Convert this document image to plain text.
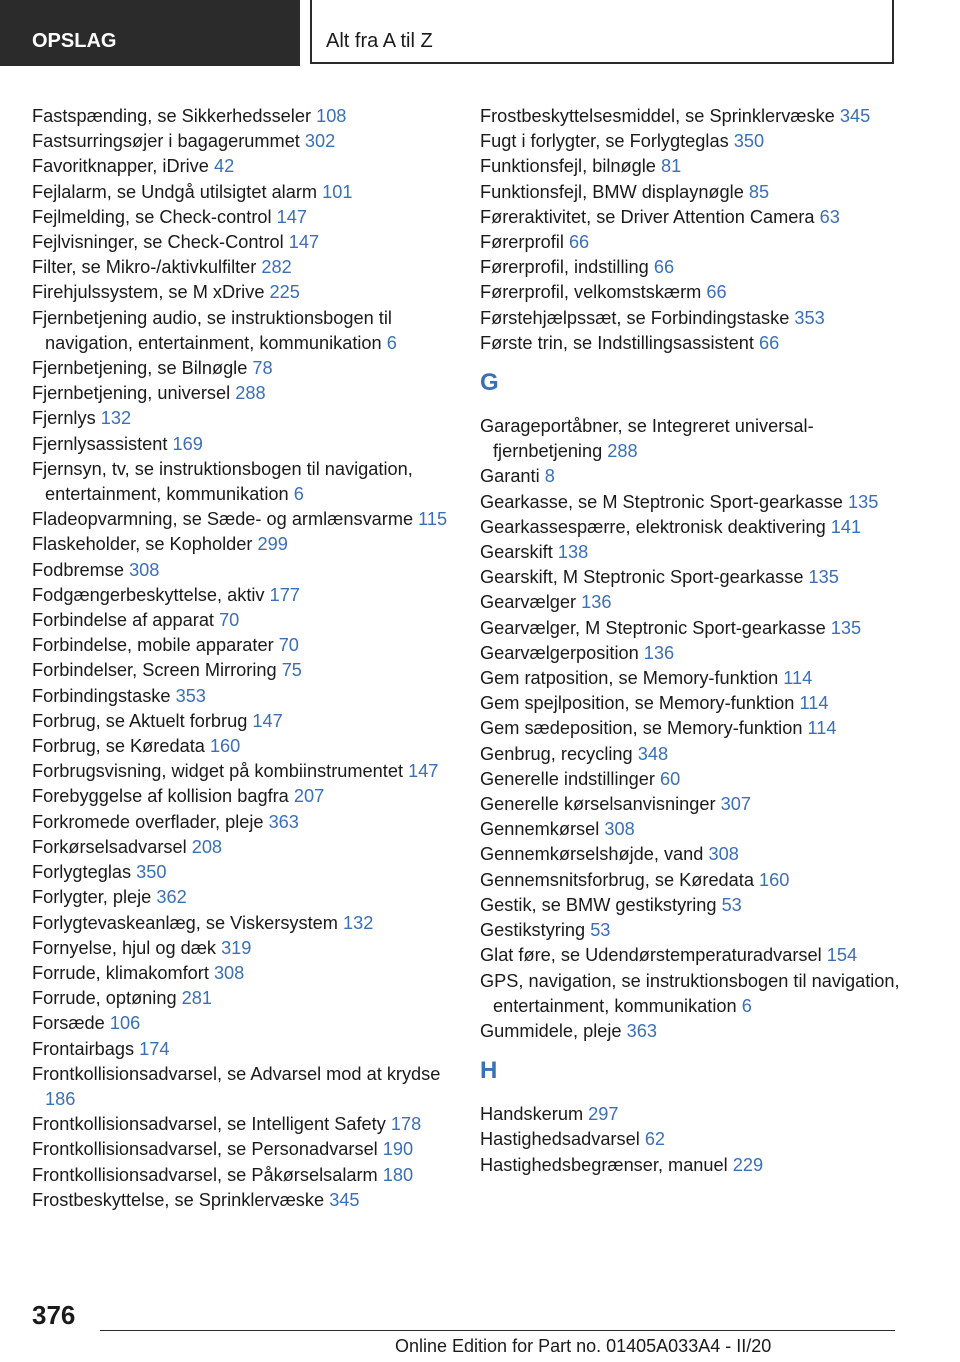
OPSLAG	Alt fra A til Z
Fastspænding, se Sikkerhedsseler 108
Fastsurringsøjer i bagagerummet 302
Favoritknapper, iDrive 42
Fejlalarm, se Undgå utilsigtet alarm 101
Fejlmelding, se Check-control 147
Fejlvisninger, se Check-Control 147
Filter, se Mikro-/aktivkulfilter 282
Firehjulssystem, se M xDrive 225
Fjernbetjening audio, se instruktionsbogen til navigation, entertainment, kommunikation 6
Fjernbetjening, se Bilnøgle 78
Fjernbetjening, universel 288
Fjernlys 132
Fjernlysassistent 169
Fjernsyn, tv, se instruktionsbogen til navigation, entertainment, kommunikation 6
Fladeopvarmning, se Sæde- og armlænsvarme 115
Flaskeholder, se Kopholder 299
Fodbremse 308
Fodgængerbeskyttelse, aktiv 177
Forbindelse af apparat 70
Forbindelse, mobile apparater 70
Forbindelser, Screen Mirroring 75
Forbindingstaske 353
Forbrug, se Aktuelt forbrug 147
Forbrug, se Køredata 160
Forbrugsvisning, widget på kombiinstrumentet 147
Forebyggelse af kollision bagfra 207
Forkromede overflader, pleje 363
Forkørselsadvarsel 208
Forlygteglas 350
Forlygter, pleje 362
Forlygtevaskeanlæg, se Viskersystem 132
Fornyelse, hjul og dæk 319
Forrude, klimakomfort 308
Forrude, optøning 281
Forsæde 106
Frontairbags 174
Frontkollisionsadvarsel, se Advarsel mod at krydse 186
Frontkollisionsadvarsel, se Intelligent Safety 178
Frontkollisionsadvarsel, se Personadvarsel 190
Frontkollisionsadvarsel, se Påkørselsalarm 180
Frostbeskyttelse, se Sprinklervæske 345
Frostbeskyttelsesmiddel, se Sprinklervæske 345
Fugt i forlygter, se Forlygteglas 350
Funktionsfejl, bilnøgle 81
Funktionsfejl, BMW displaynøgle 85
Føreraktivitet, se Driver Attention Camera 63
Førerprofil 66
Førerprofil, indstilling 66
Førerprofil, velkomstskærm 66
Førstehjælpssæt, se Forbindingstaske 353
Første trin, se Indstillingsassistent 66
G
Garageportåbner, se Integreret universal-fjernbetjening 288
Garanti 8
Gearkasse, se M Steptronic Sport-gearkasse 135
Gearkassespærre, elektronisk deaktivering 141
Gearskift 138
Gearskift, M Steptronic Sport-gearkasse 135
Gearvælger 136
Gearvælger, M Steptronic Sport-gearkasse 135
Gearvælgerposition 136
Gem ratposition, se Memory-funktion 114
Gem spejlposition, se Memory-funktion 114
Gem sædeposition, se Memory-funktion 114
Genbrug, recycling 348
Generelle indstillinger 60
Generelle kørselsanvisninger 307
Gennemkørsel 308
Gennemkørselshøjde, vand 308
Gennemsnitsforbrug, se Køredata 160
Gestik, se BMW gestikstyring 53
Gestikstyring 53
Glat føre, se Udendørstemperaturadvarsel 154
GPS, navigation, se instruktionsbogen til navigation, entertainment, kommunikation 6
Gummidele, pleje 363
H
Handskerum 297
Hastighedsadvarsel 62
Hastighedsbegrænser, manuel 229
376
Online Edition for Part no. 01405A033A4 - II/20
